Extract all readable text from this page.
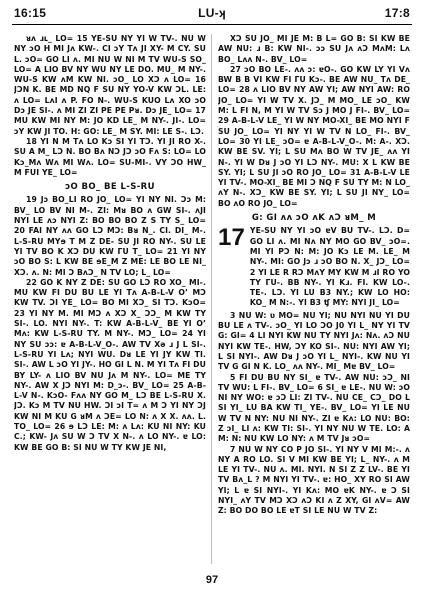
16:15	LU-ʞ	17:8

ᴚʌ ɹʟ_ LO= 15 YE-SU NY YI W TV-. NU W NY ɔO H MI Jʌ KW-. CI ɔY Tʌ JI XY- M CY. SU L. ɔO= GO LI ʌ. MI NU W NI M TV WU-S SO_ LO= A LIO BV NY WU NY LE DO. MU_ M NY-. WU-S KW ʌM KW NI. ɔO_ LO XƆ ʌ LO= 16 JƆN K. BE MD NQ F SU NY YO-V KW ƆL. LE: ʌ LO= LʌI ʌ P. FO N-. WU-S KUO Lʌ XO ɔO Dɔ JE SI-. ʌ MI ZI ZI PE PE Pᴚ. Dɔ JE_ LO= 17 MU KW MI NY M: JO KD LE_ M NY-. JI-. LO= ɔY KW JI TO. H: GO: LE_ M SY. MI: LE S-. LƆ.

18 YI N M Tʌ LO Kɔ SI YI TƆ. YI JI RO X-. SU A M_ LƆ N. BO Bʌ NƆ JƆ ɔO Fʌ S: LO= LO Kɔ_Mʌ Wʌ MI Wʌ. LO= SU-MI-. VY ƆO HW_ M FUI YE_ LO=

ɔO BO_ BE L-S-RU

19 Jɔ BO_LI RO JO_ LO= YI NY NI. Ɔɔ M: BV_ LO BV NI M-. ZI: Mᴚ BO ʌ GW SI-. ʌJI NYI LE ʌɔ NYI Z: BO BO BO Z S TY S_ LO= 20 FAI NY ʌʌ GO LƆ MƆ: Bᴚ N_. CI. DI_ M-. L-S-RU MYɘ T M Z DE- SU JI RO NY-. SU LE YI TV BO K XƆ DU KW ΓU T_ LO= 21 YI NY ɔO BO S: L KW BE ɘE_M Z ME: LE BO LE NI_ XƆ. ʌ. N: MI Ɔ BʌƆ_ N TV LO; L_ LO=

22 GO K NY Z DE: SU GO LƆ RO XO_ MI-. MU KW FI DU BU LE YI Tʌ A-B-L-V Oʼ MƆ KW TV. ƆI YE_ LO= BO MI XƆ_ SI TƆ. KɔO= 23 YI NY M. MI MƆ ʌ XƆ X_ ƆƆ_ M KW TY SI-. LO. NYI NY-. T: KW A-B-L-V_ BE YI Oʼ Mʌ: KW L-S-RU TY. M NY-. MƆ_ LO= 24 YI NY SU ɔɔ: ɐ A-B-L-V_O-. AW TV Xə ɹ J L SI-. L-S-RU YI Lʌ; NYI WU. Dᴚ LE YI JY KW TI. SI-. AW L ɔO YI JY-. HO GI L N. M YI Tʌ FI DU BY LY- ʌ LIO BV NU Jʌ M NY-. LO= ME TY NY-. AW X JƆ NYI M: D_ɔ-. BV_ LO= 25 A-B-L-V N-. KɔO- Fʌʌ NY GO M_ LƆ BE L-S-RU X. JƆ. Kɔ M TV NU HW. ƆI ɔI T= ʌ M Ɔ YI NY ƆJ KW NI M KU G ᴚM ʌ ƆE= LO N: ʌ X X. ʌʌ. L. TO_ LO= 26 ɘ LƆ LE: M: ʌ Lʌ: KU NI NY: KU C.; KW- Jʌ SU W Ɔ TV X N-. ʌ LO NY-. ɐ LO: KW BE GO B: SI NU W TY KW JE NI,

XƆ SU JO_ MI JE M: B L= GO B: SI KW BE AW NU: ɹ B: KW NI-. ɔɔ SU Jʌ ʌƆ MʌM: Lʌ BO_ Lʌʌ N-. BV_ LO=

27 ɔO BO LE-. ʌʌ ɔ: ɐO-. GO KW LY YI Vʌ BW B B VI KW FI ΓU Kɔ-. BE AW NU_ Tʌ DE_ LO= 28 ʌ LIO BV NY AW YI; AW NYI AW: RO JO_ LO= YI W TV X. JƆ_ M MO_ LE ɔO_ KW M: L FI N, M YI W TV Sɔ J MO J FI-. BV_ LO= 29 A-B-L-V LE_ YI W NY MO-XI_ BE MO NYI F SU JO_ LO= YI NY YI W TV N LO_ FI-. BV_ LO= 30 YI LE_ ɔO= ɐ A-B-L-V_O-. M: A-. XƆ. KW BE SV. YI; L SU Mʌ BO W TV JE_ ʌʌ YI N-. YI W Dᴚ J ɔO YI LƆ NY-. MU: X L KW BE SY. YI; L SU JI ɔO RO JO_ LO= 31 A-B-L-V LE YI TV-. MO-XI_ BE MI Ɔ NQ F SU TY M: N LO_ ʌY N-. XƆ_ KW BE SY. YI; L SU JI NY_ LO= BO ʌO RO JO_ LO=

G: GI ʌʌ ɔO ʌK ʌƆ ᴚM_ M
17 YE-SU NY YI ɔO ɐV BU TV-. LƆ. D= GO LI ʌ. MI Nʌ NY MO GO BV_ ɔO=. MI YI PƆ N: M: JO Kɔ LE M. LE_ M NY-. MI: GO Jɔ ɹ ɔO BO N. X_ JƆ_ LO= 2 YI LE R RƆ MʌY MY KW M ɹI RO YO TY ΓU-. BB NY-. YI Kɹ. FI. KW LO-. TE-. LƆ. YI LU B3 NY.; KW LO HO: KO_ M N:-. YI B3 ʧ MY: NYI JI_ LO=

3 NU W: ʋ MO= NU YI; NU NYI NU YI DU BU LE ʌ TV-. ɔO_ YI LO ƆO J0 YI L_ NY YI TV G: GI= 4 LI NYI KW NU TY NYI Jʌ: Nʌ. ʌƆ NU NYI KW TE-. HW, ƆY KO SI-. NU: NYI AW YI; L SI NYI-. AW Dᴚ J ɔO YI L_ NYI-. KW NU YI TV G GI N K. LO_ ʌʌ NY-. MI_ Mɐ BV_ LO=

5 FI DU BU NY SI_ ɐ TV-. AW NU: ɔƆ_ NI TV WU: L FI-. BV_ LO= 6 SI_ ɐ LE-. NU W: ɔO NI NY WO: ɐ ɔƆ LI: ZI TV-. NU CE_ CƆ_ DO L SI YI_ LU BA KW TI_ YE-. BV_ LO= YI LE NU W TV N NY: NU NI NY-. ZI ɐ Kʌ: LO NU: BO: Z ɔI_ LI ʌ: KW TI: SI-. YI NY NU W TE. LO: A M: N: NU KW LO NY: ʌ M TV Jᴚ ɔO=

7 NU W NY CO P JO SI-. YI NY V MI M:-. ʌ NY A RO LO. SI V MI KW BE YI; L_ NY-. ʌ M LE YI TV-. NU ʌ. MI. NYI. N SI Z Z LV-. BE YI TV Bʌ_L ? M NYI YI TV-. ɐ: HO_ XY RO SI AW YI; L ɐ SI NYI-. YI Kʌ: MO ɐK NY-. ɐ Ɔ SI NYI_ ʌY TV MƆ XƆ ʌƆ KI ʌ Z XY, GI ʌV= AW Z: BO DO BO LE ɐT SI LE NU W TV Z:

97
